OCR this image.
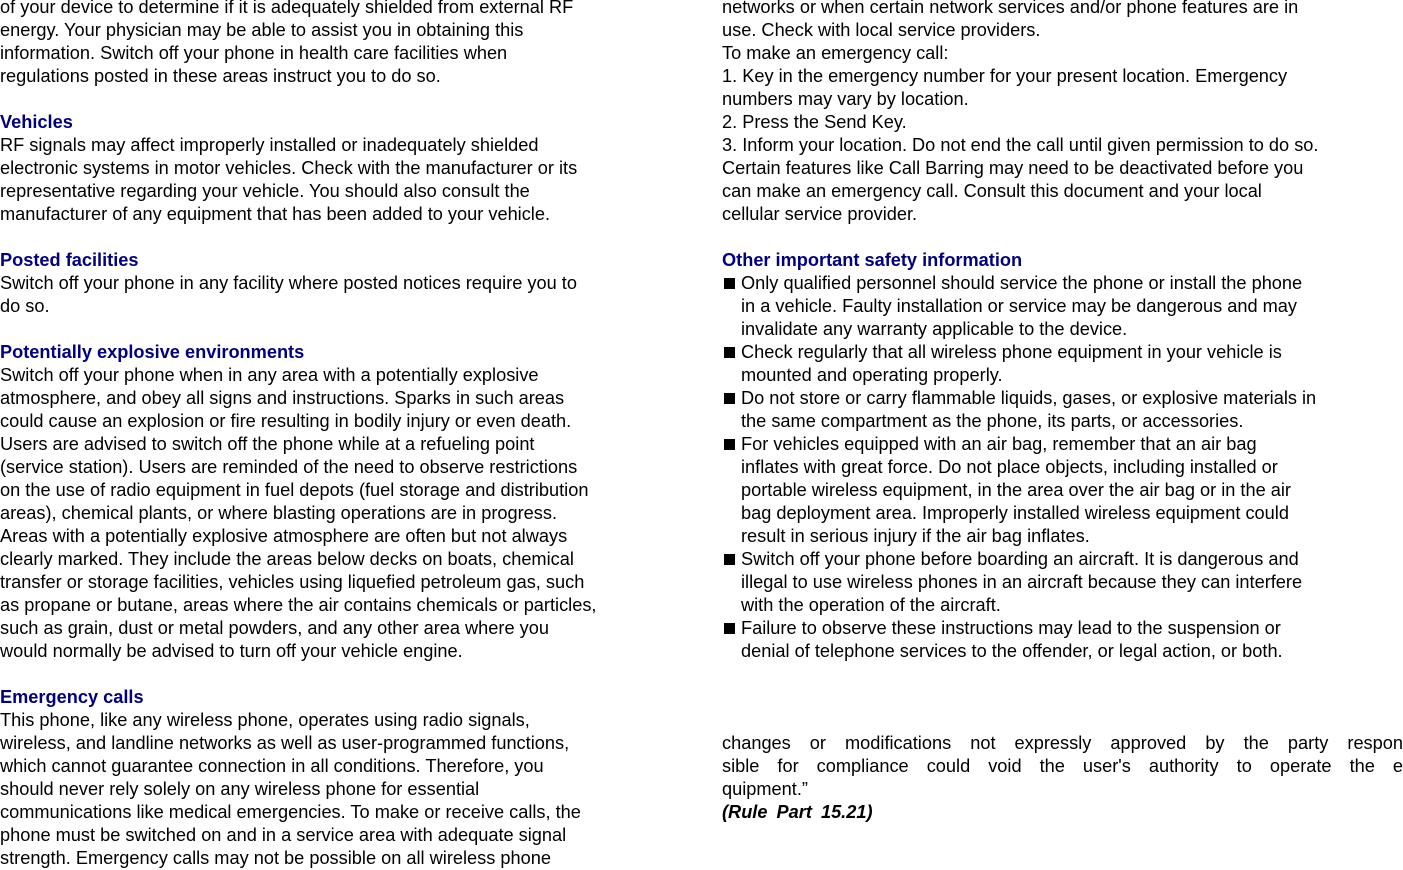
of your device to determine if it is adequately shielded from external RF

energy. Your physician may be able to assist you in obtaining this

information. Switch off your phone in health care facilities when

regulations posted in these areas instruct you to do so.

Vehicles

RF signals may affect improperly installed or inadequately shielded

electronic systems in motor vehicles. Check with the manufacturer or its

representative regarding your vehicle. You should also consult the

manufacturer of any equipment that has been added to your vehicle.

Posted facilities

Switch off your phone in any facility where posted notices require you to

do so.

Potentially explosive environments

Switch off your phone when in any area with a potentially explosive

atmosphere, and obey all signs and instructions. Sparks in such areas

could cause an explosion or fire resulting in bodily injury or even death.

Users are advised to switch off the phone while at a refueling point

(service station). Users are reminded of the need to observe restrictions

on the use of radio equipment in fuel depots (fuel storage and distribution

areas), chemical plants, or where blasting operations are in progress.

Areas with a potentially explosive atmosphere are often but not always

clearly marked. They include the areas below decks on boats, chemical

transfer or storage facilities, vehicles using liquefied petroleum gas, such

as propane or butane, areas where the air contains chemicals or particles,

such as grain, dust or metal powders, and any other area where you

would normally be advised to turn off your vehicle engine.

Emergency calls

This phone, like any wireless phone, operates using radio signals,

wireless, and landline networks as well as user-programmed functions,

which cannot guarantee connection in all conditions. Therefore, you

should never rely solely on any wireless phone for essential

communications like medical emergencies. To make or receive calls, the

phone must be switched on and in a service area with adequate signal

strength. Emergency calls may not be possible on all wireless phone

networks or when certain network services and/or phone features are in

use. Check with local service providers.

To make an emergency call:

1. Key in the emergency number for your present location. Emergency

numbers may vary by location.

2. Press the Send Key.

3. Inform your location. Do not end the call until given permission to do so.

Certain features like Call Barring may need to be deactivated before you

can make an emergency call. Consult this document and your local

cellular service provider.

Other important safety information

Only qualified personnel should service the phone or install the phone

in a vehicle. Faulty installation or service may be dangerous and may

invalidate any warranty applicable to the device.

Check regularly that all wireless phone equipment in your vehicle is

mounted and operating properly.

Do not store or carry flammable liquids, gases, or explosive materials in

the same compartment as the phone, its parts, or accessories.

For vehicles equipped with an air bag, remember that an air bag

inflates with great force. Do not place objects, including installed or

portable wireless equipment, in the area over the air bag or in the air

bag deployment area. Improperly installed wireless equipment could

result in serious injury if the air bag inflates.

Switch off your phone before boarding an aircraft. It is dangerous and

illegal to use wireless phones in an aircraft because they can interfere

with the operation of the aircraft.

Failure to observe these instructions may lead to the suspension or

denial of telephone services to the offender, or legal action, or both.

changes or modifications not expressly approved by the party respon

sible for compliance could void the user's authority to operate the e

quipment.”

(Rule Part 15.21)
